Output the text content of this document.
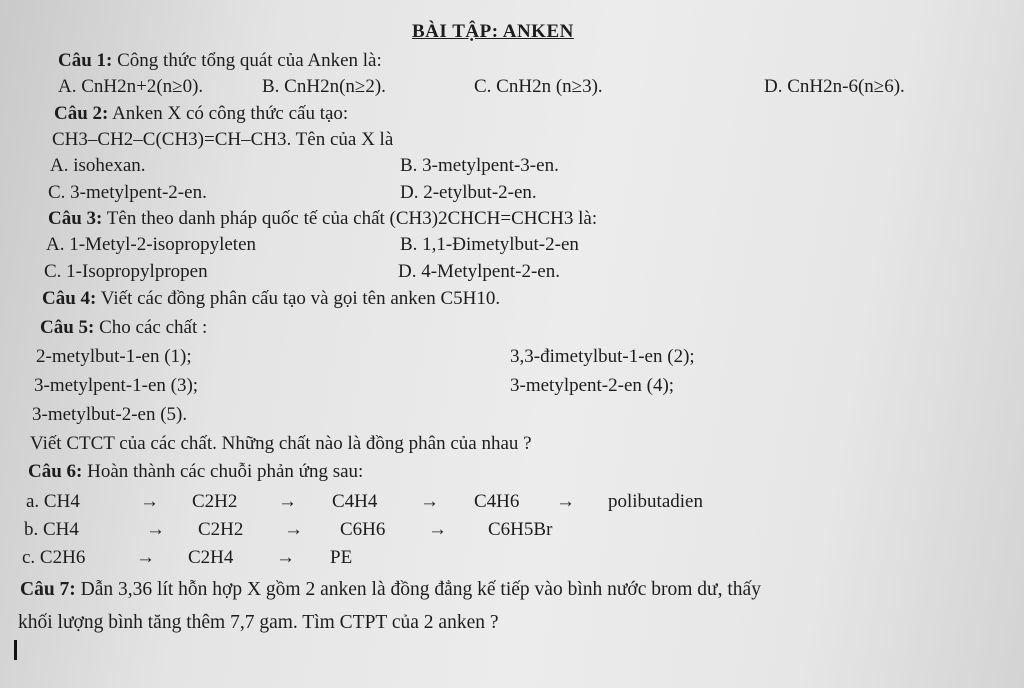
BÀI TẬP: ANKEN
Câu 1: Công thức tổng quát của Anken là:
A. CnH2n+2(n≥0).	B. CnH2n(n≥2).	C. CnH2n (n≥3).	D. CnH2n-6(n≥6).
Câu 2: Anken X có công thức cấu tạo:
CH3–CH2–C(CH3)=CH–CH3. Tên của X là
A. isohexan.	B. 3-metylpent-3-en.
C. 3-metylpent-2-en.	D. 2-etylbut-2-en.
Câu 3: Tên theo danh pháp quốc tế của chất (CH3)2CHCH=CHCH3 là:
A. 1-Metyl-2-isopropyleten	B. 1,1-Đimetylbut-2-en
C. 1-Isopropylpropen	D. 4-Metylpent-2-en.
Câu 4: Viết các đồng phân cấu tạo và gọi tên anken C5H10.
Câu 5: Cho các chất :
2-metylbut-1-en (1);	3,3-đimetylbut-1-en (2);
3-metylpent-1-en (3);	3-metylpent-2-en (4);
3-metylbut-2-en (5).
Viết CTCT của các chất. Những chất nào là đồng phân của nhau ?
Câu 6: Hoàn thành các chuỗi phản ứng sau:
a. CH4	→ C2H2 → C4H4 → C4H6 → polibutadien
b. CH4	→ C2H2 → C6H6 → C6H5Br
c. C2H6	→ C2H4 → PE
Câu 7: Dẫn 3,36 lít hỗn hợp X gồm 2 anken là đồng đẳng kế tiếp vào bình nước brom dư, thấy
khối lượng bình tăng thêm 7,7 gam. Tìm CTPT của 2 anken ?
